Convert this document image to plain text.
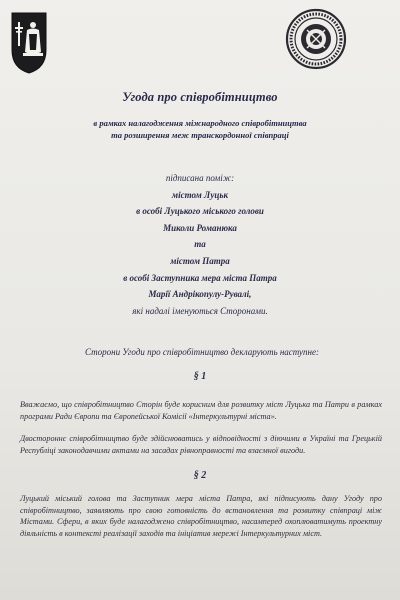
Угода про співробітництво
в рамках налагодження міжнародного співробітництва
та розширення меж транскордонної співпраці
підписана поміж:
містом Луцьк
в особі Луцького міського голови
Миколи Романюка
та
містом Патра
в особі Заступника мера міста Патра
Марії Андрікопулу-Рувалі,
які надалі іменуються Сторонами.
Сторони Угоди про співробітництво декларують наступне:
§ 1
Вважаємо, що співробітництво Сторін буде корисним для розвитку міст Луцька та Патри в рамках програми Ради Європи та Європейської Комісії «Інтеркультурні міста».
Двостороннє співробітництво буде здійснюватись у відповідності з діючими в Україні та Грецькій Республіці законодавчими актами на засадах рівноправності та взаємної вигоди.
§ 2
Луцький міський голова та Заступник мера міста Патра, які підписують дану Угоду про співробітництво, заявляють про свою готовність до встановлення та розвитку співпраці між Містами. Сфери, в яких буде налагоджено співробітництво, насамперед охоплюватимуть проектну діяльність в контексті реалізації заходів та ініціатив мережі Інтеркультурних міст.
